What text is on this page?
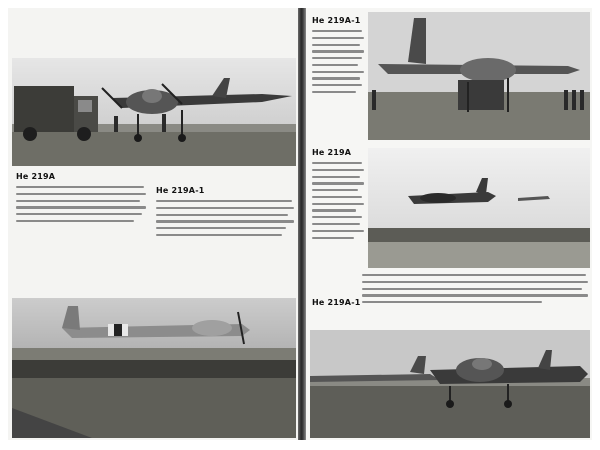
He 219A
He 219A-1
He 219A-1
He 219A
He 219A-1
